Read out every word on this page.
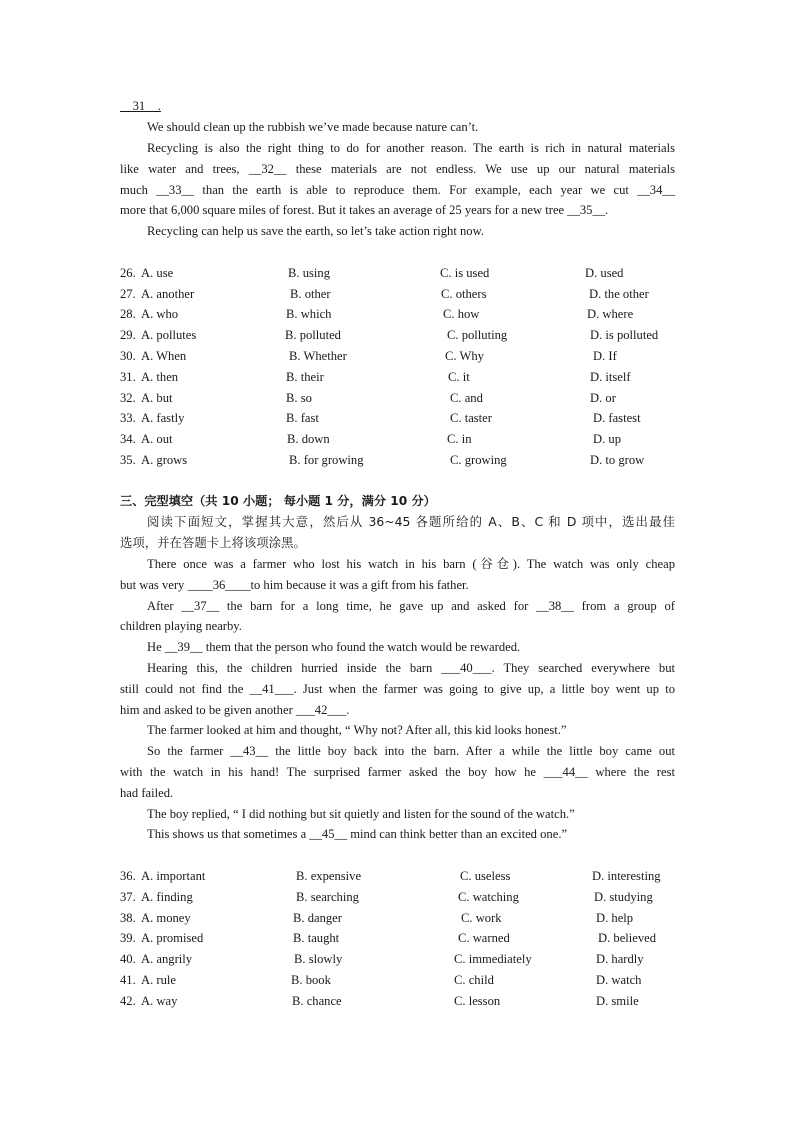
__31__.
We should clean up the rubbish we’ve made because nature can’t.
Recycling is also the right thing to do for another reason. The earth is rich in natural materials
like water and trees, __32__ these materials are not endless. We use up our natural materials
much __33__ than the earth is able to reproduce them. For example, each year we cut __34__
more that 6,000 square miles of forest. But it takes an average of 25 years for a new tree __35__.
Recycling can help us save the earth, so let’s take action right now.
26. A. use	B. using	C. is used	D. used
27. A. another	B. other	C. others	D. the other
28. A. who	B. which	C. how	D. where
29. A. pollutes	B. polluted	C. polluting	D. is polluted
30. A. When	B. Whether	C. Why	D. If
31. A. then	B. their	C. it	D. itself
32. A. but	B. so	C. and	D. or
33. A. fastly	B. fast	C. taster	D. fastest
34. A. out	B. down	C. in	D. up
35. A. grows	B. for growing	C. growing	D. to grow
三、完型填空（共 10 小题； 每小题 1 分，满分 10 分）
阅读下面短文，掌握其大意，然后从 36~45 各题所给的 A、B、C 和 D 项中，选出最佳
选项，并在答题卡上将该项涂黑。
There once was a farmer who lost his watch in his barn (谷仓). The watch was only cheap
but was very ____36____to him because it was a gift from his father.
After __37__ the barn for a long time, he gave up and asked for __38__ from a group of
children playing nearby.
He __39__ them that the person who found the watch would be rewarded.
Hearing this, the children hurried inside the barn ___40___. They searched everywhere but
still could not find the __41___. Just when the farmer was going to give up, a little boy went up to
him and asked to be given another ___42___.
The farmer looked at him and thought, “ Why not? After all, this kid looks honest.”
So the farmer __43__ the little boy back into the barn. After a while the little boy came out
with the watch in his hand! The surprised farmer asked the boy how he ___44__ where the rest
had failed.
The boy replied, “ I did nothing but sit quietly and listen for the sound of the watch.”
This shows us that sometimes a __45__ mind can think better than an excited one.”
36. A. important	B. expensive	C. useless	D. interesting
37. A. finding	B. searching	C. watching	D. studying
38. A. money	B. danger	C. work	D. help
39. A. promised	B. taught	C. warned	D. believed
40. A. angrily	B. slowly	C. immediately	D. hardly
41. A. rule	B. book	C. child	D. watch
42. A. way	B. chance	C. lesson	D. smile
